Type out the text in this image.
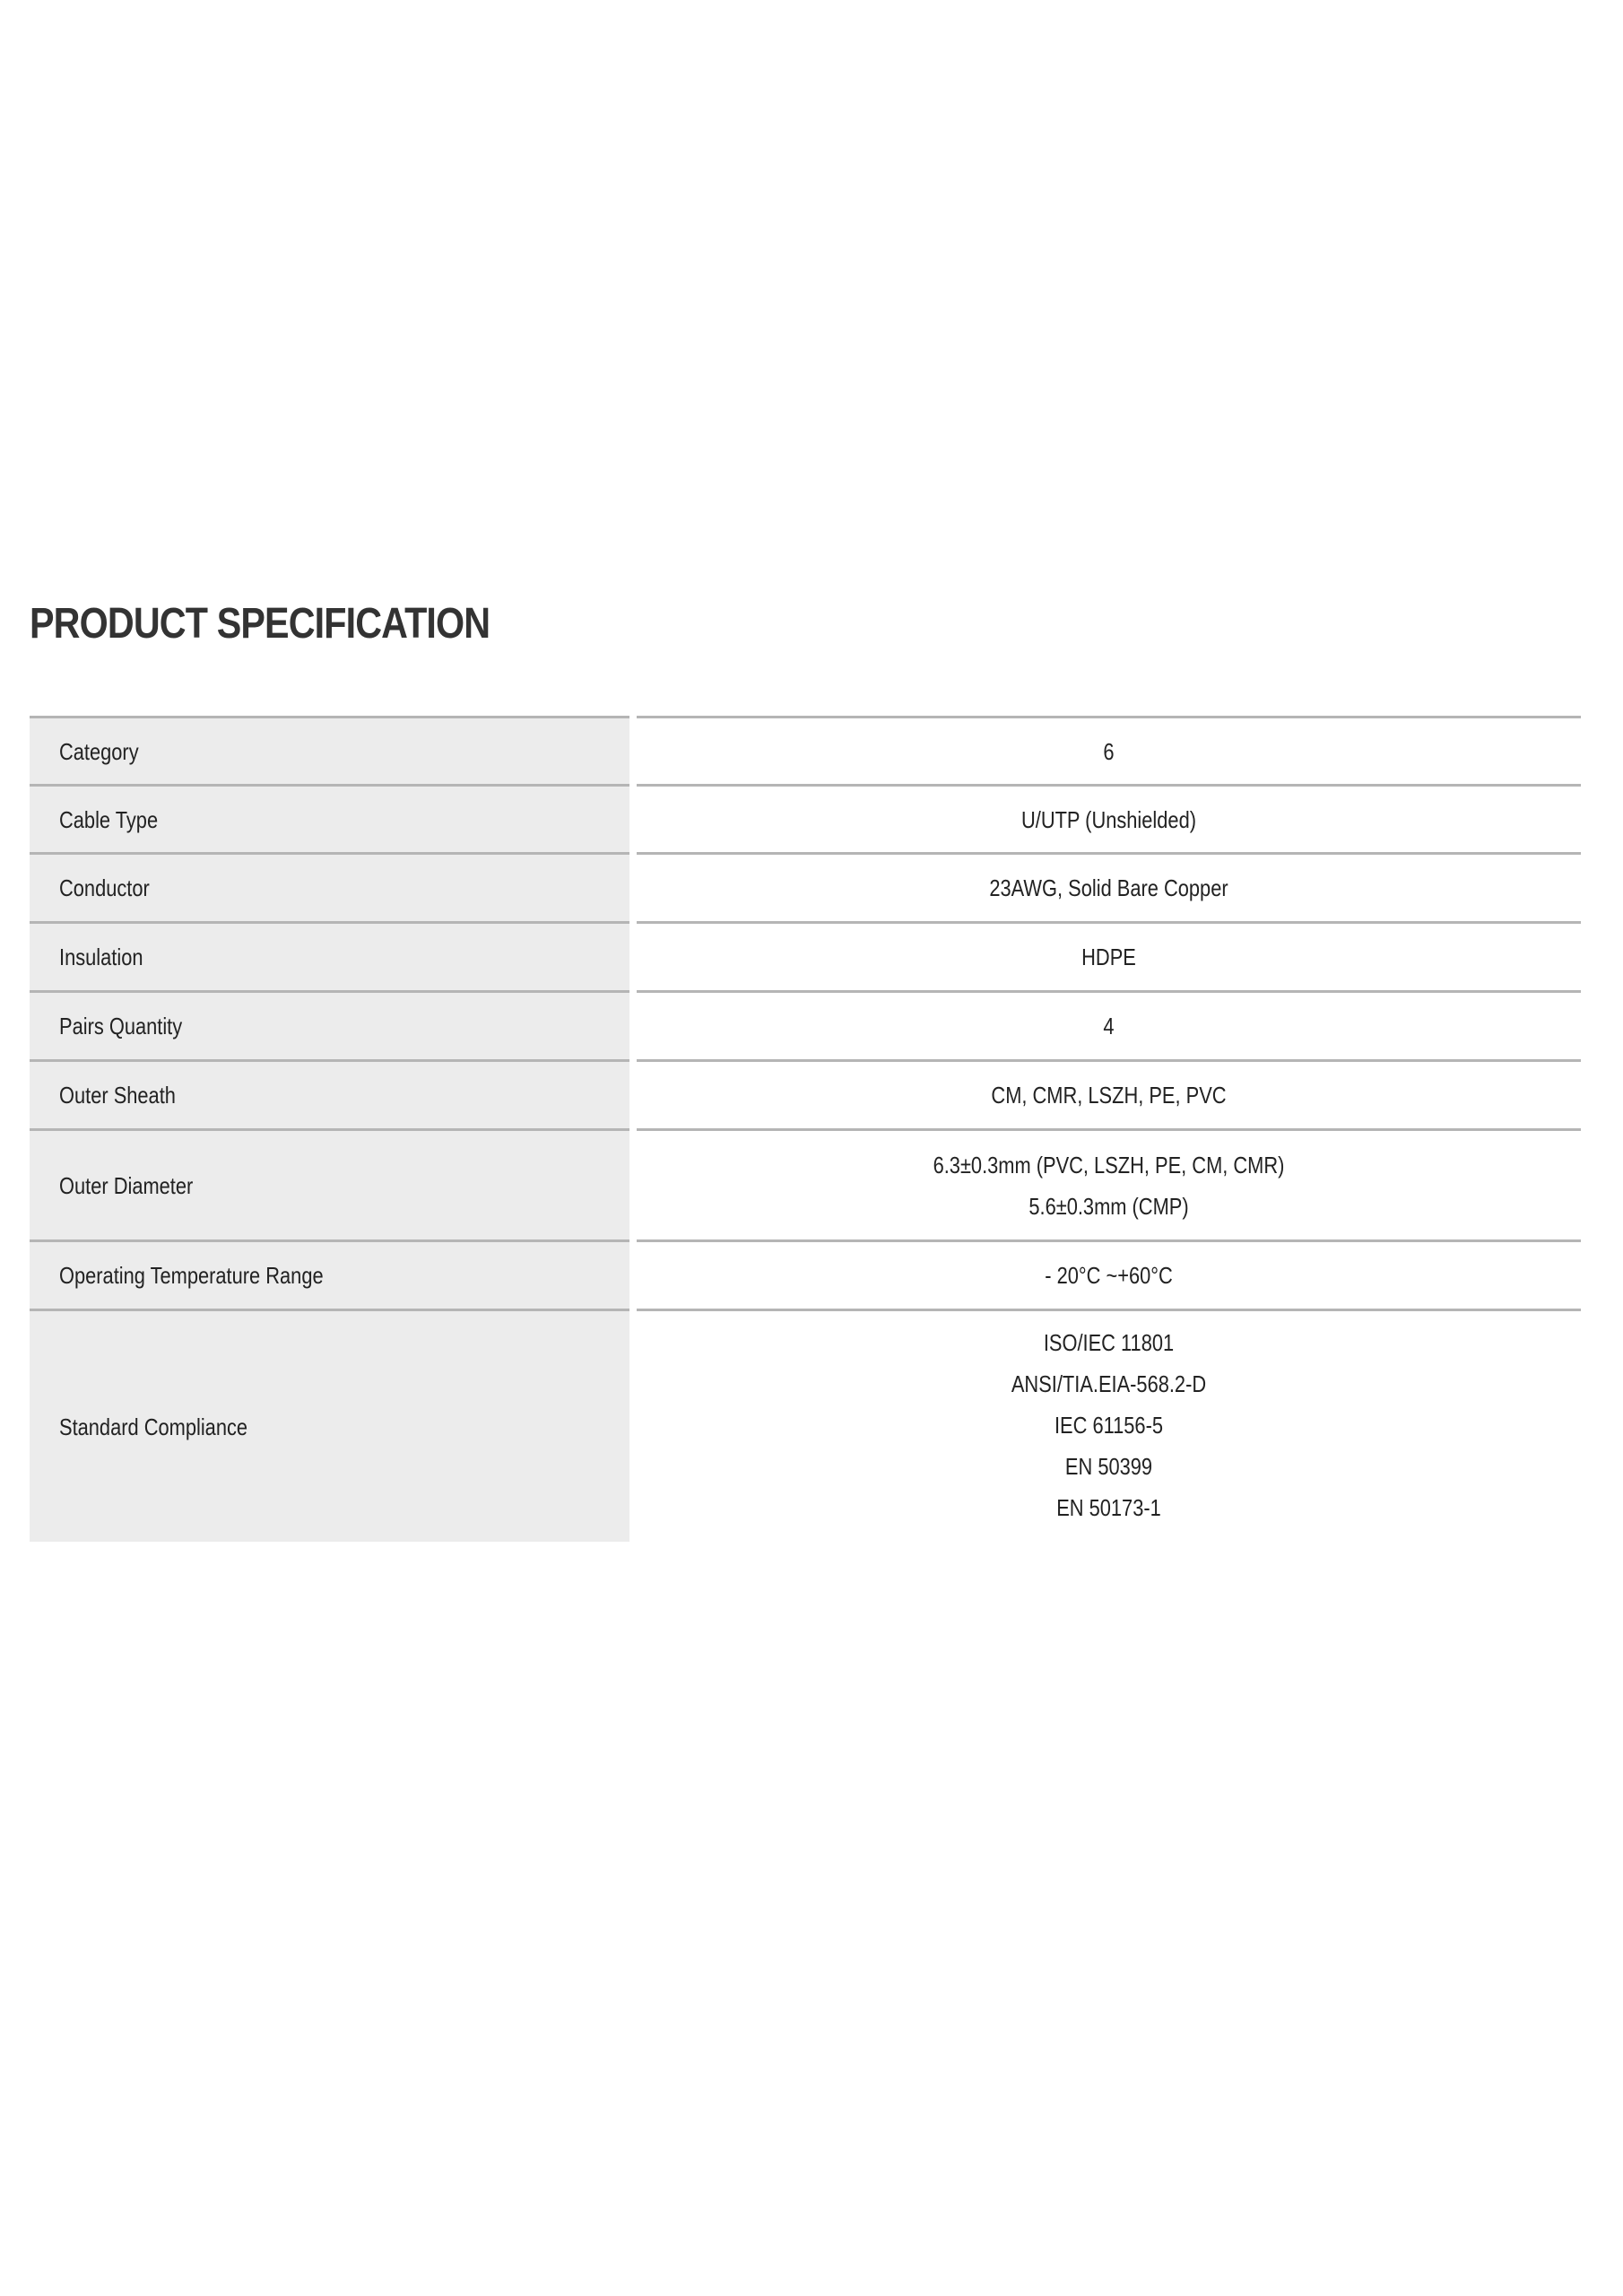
PRODUCT SPECIFICATION
Category		6

Cable Type		U/UTP (Unshielded)

Conductor		23AWG, Solid Bare Copper

Insulation		HDPE

Pairs Quantity		4

Outer Sheath		CM, CMR, LSZH, PE, PVC

Outer Diameter		6.3±0.3mm (PVC, LSZH, PE, CM, CMR)
5.6±0.3mm (CMP)

Operating Temperature Range		- 20°C ~+60°C

Standard Compliance		ISO/IEC 11801
ANSI/TIA.EIA-568.2-D
IEC 61156-5
EN 50399
EN 50173-1
